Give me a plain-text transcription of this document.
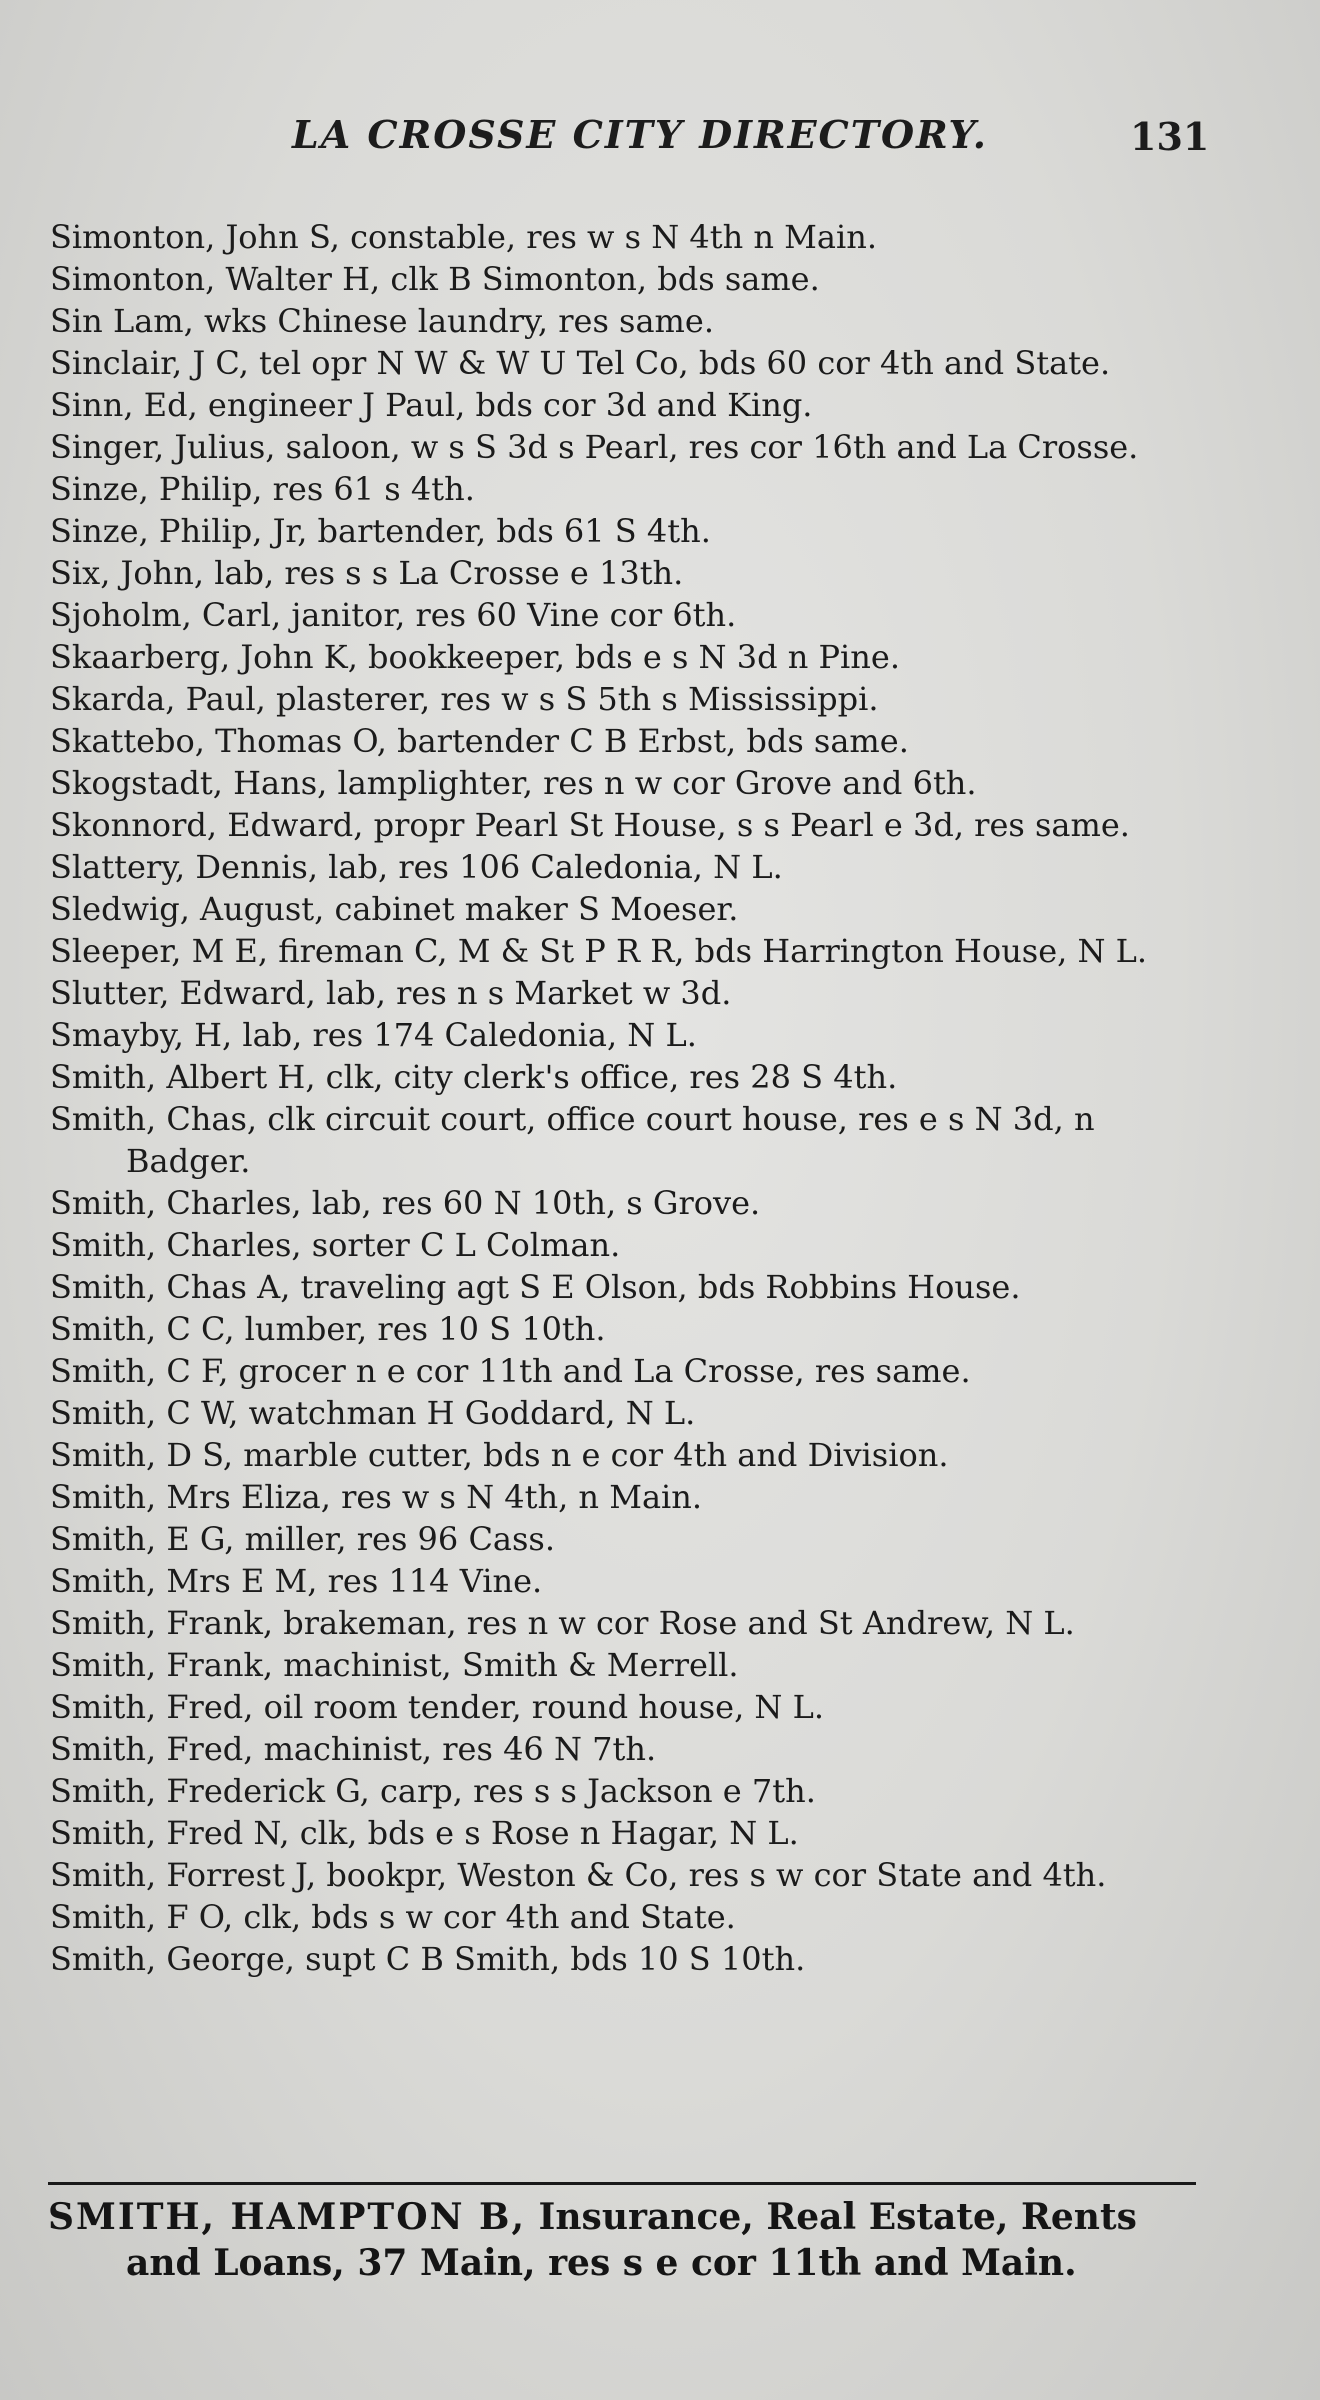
LA CROSSE CITY DIRECTORY.	131
Simonton, John S, constable, res w s N 4th n Main.
Simonton, Walter H, clk B Simonton, bds same.
Sin Lam, wks Chinese laundry, res same.
Sinclair, J C, tel opr N W & W U Tel Co, bds 60 cor 4th and State.
Sinn, Ed, engineer J Paul, bds cor 3d and King.
Singer, Julius, saloon, w s S 3d s Pearl, res cor 16th and La Crosse.
Sinze, Philip, res 61 s 4th.
Sinze, Philip, Jr, bartender, bds 61 S 4th.
Six, John, lab, res s s La Crosse e 13th.
Sjoholm, Carl, janitor, res 60 Vine cor 6th.
Skaarberg, John K, bookkeeper, bds e s N 3d n Pine.
Skarda, Paul, plasterer, res w s S 5th s Mississippi.
Skattebo, Thomas O, bartender C B Erbst, bds same.
Skogstadt, Hans, lamplighter, res n w cor Grove and 6th.
Skonnord, Edward, propr Pearl St House, s s Pearl e 3d, res same.
Slattery, Dennis, lab, res 106 Caledonia, N L.
Sledwig, August, cabinet maker S Moeser.
Sleeper, M E, fireman C, M & St P R R, bds Harrington House, N L.
Slutter, Edward, lab, res n s Market w 3d.
Smayby, H, lab, res 174 Caledonia, N L.
Smith, Albert H, clk, city clerk's office, res 28 S 4th.
Smith, Chas, clk circuit court, office court house, res e s N 3d, n Badger.
Smith, Charles, lab, res 60 N 10th, s Grove.
Smith, Charles, sorter C L Colman.
Smith, Chas A, traveling agt S E Olson, bds Robbins House.
Smith, C C, lumber, res 10 S 10th.
Smith, C F, grocer n e cor 11th and La Crosse, res same.
Smith, C W, watchman H Goddard, N L.
Smith, D S, marble cutter, bds n e cor 4th and Division.
Smith, Mrs Eliza, res w s N 4th, n Main.
Smith, E G, miller, res 96 Cass.
Smith, Mrs E M, res 114 Vine.
Smith, Frank, brakeman, res n w cor Rose and St Andrew, N L.
Smith, Frank, machinist, Smith & Merrell.
Smith, Fred, oil room tender, round house, N L.
Smith, Fred, machinist, res 46 N 7th.
Smith, Frederick G, carp, res s s Jackson e 7th.
Smith, Fred N, clk, bds e s Rose n Hagar, N L.
Smith, Forrest J, bookpr, Weston & Co, res s w cor State and 4th.
Smith, F O, clk, bds s w cor 4th and State.
Smith, George, supt C B Smith, bds 10 S 10th.
SMITH, HAMPTON B, Insurance, Real Estate, Rents
and Loans, 37 Main, res s e cor 11th and Main.
